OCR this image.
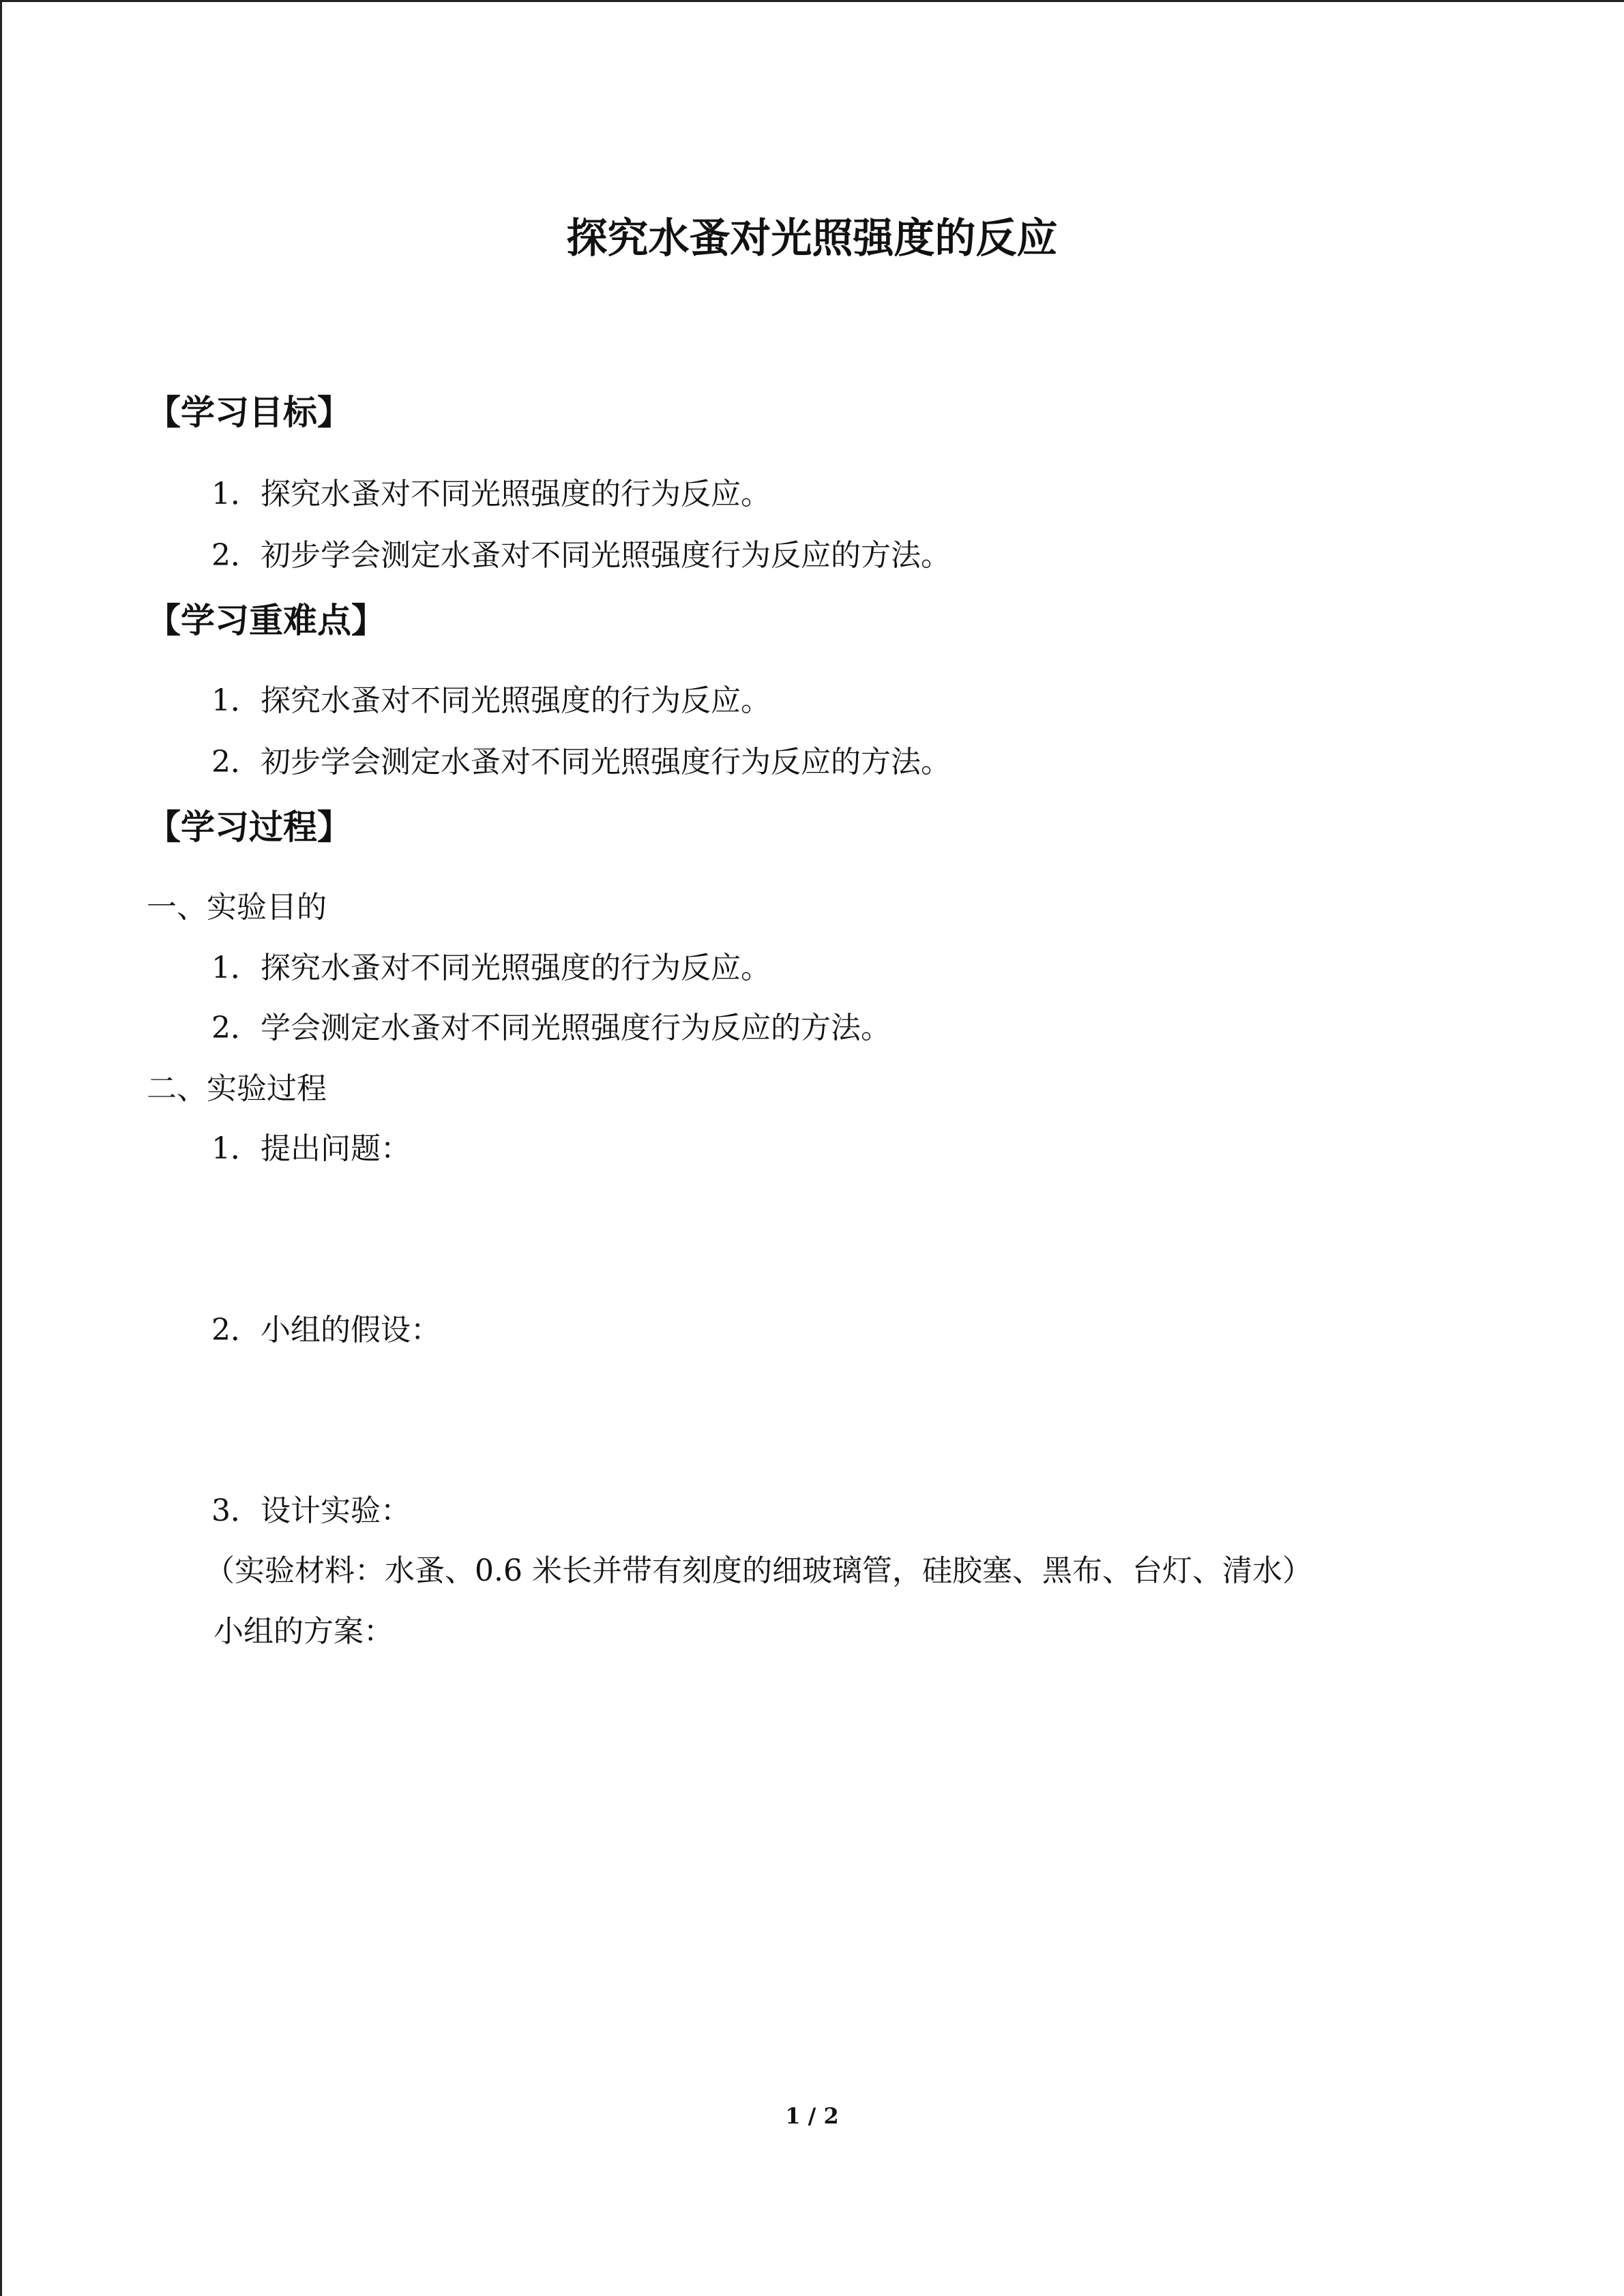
探究水蚤对光照强度的反应
【学习目标】
1．探究水蚤对不同光照强度的行为反应。
2．初步学会测定水蚤对不同光照强度行为反应的方法。
【学习重难点】
1．探究水蚤对不同光照强度的行为反应。
2．初步学会测定水蚤对不同光照强度行为反应的方法。
【学习过程】
一、实验目的
1．探究水蚤对不同光照强度的行为反应。
2．学会测定水蚤对不同光照强度行为反应的方法。
二、实验过程
1．提出问题：
2．小组的假设：
3．设计实验：
（实验材料：水蚤、0.6 米长并带有刻度的细玻璃管，硅胶塞、黑布、台灯、清水）
小组的方案：
1 / 2
